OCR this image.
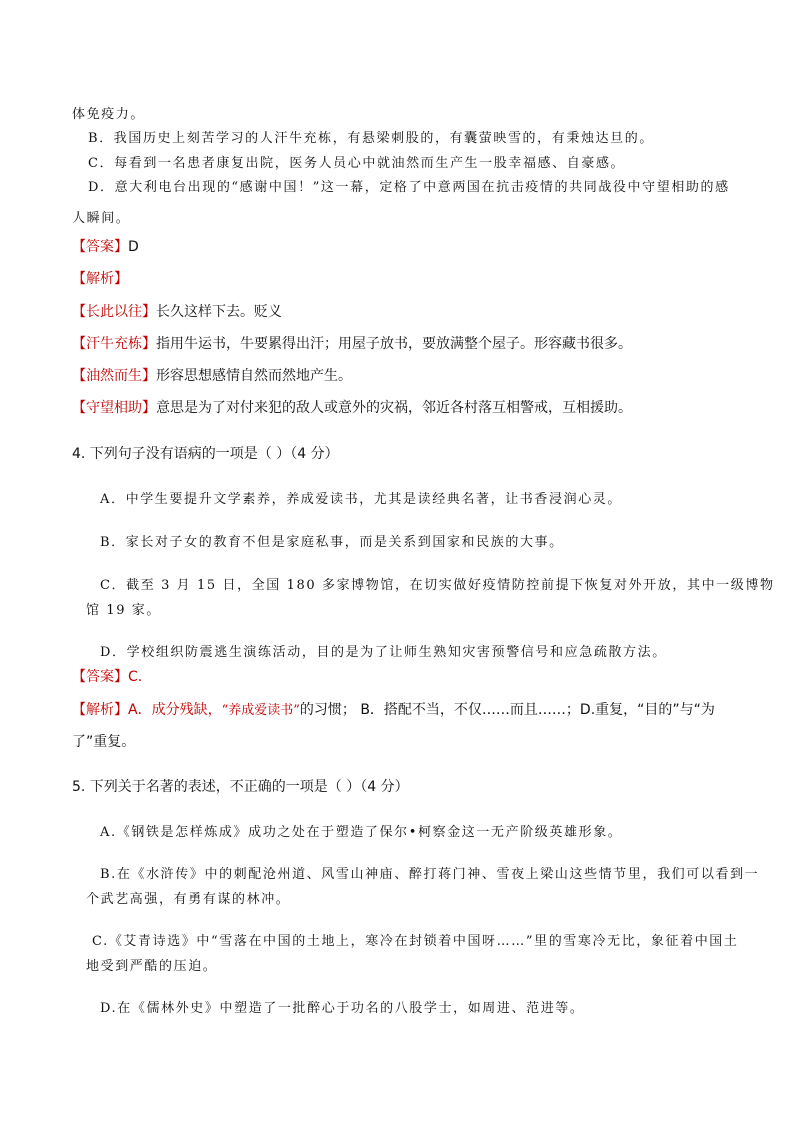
体免疫力。
B．我国历史上刻苦学习的人汗牛充栋，有悬梁刺股的，有囊萤映雪的，有秉烛达旦的。
C．每看到一名患者康复出院，医务人员心中就油然而生产生一股幸福感、自豪感。
D．意大利电台出现的“感谢中国！”这一幕，定格了中意两国在抗击疫情的共同战役中守望相助的感
人瞬间。
【答案】D
【解析】
【长此以往】长久这样下去。贬义
【汗牛充栋】指用牛运书，牛要累得出汗；用屋子放书，要放满整个屋子。形容藏书很多。
【油然而生】形容思想感情自然而然地产生。
【守望相助】意思是为了对付来犯的敌人或意外的灾祸，邻近各村落互相警戒，互相援助。
4. 下列句子没有语病的一项是（ ）（4 分）
A．中学生要提升文学素养，养成爱读书，尤其是读经典名著，让书香浸润心灵。
B．家长对子女的教育不但是家庭私事，而是关系到国家和民族的大事。
C．截至 3 月 15 日，全国 180 多家博物馆，在切实做好疫情防控前提下恢复对外开放，其中一级博物
馆 19 家。
D．学校组织防震逃生演练活动，目的是为了让师生熟知灾害预警信号和应急疏散方法。
【答案】C.
【解析】A．成分残缺，“养成爱读书”的习惯； B．搭配不当，不仅……而且……；D.重复，“目的”与“为
了”重复。
5. 下列关于名著的表述，不正确的一项是（ ）（4 分）
A.《钢铁是怎样炼成》成功之处在于塑造了保尔•柯察金这一无产阶级英雄形象。
B.在《水浒传》中的刺配沧州道、风雪山神庙、醉打蒋门神、雪夜上梁山这些情节里，我们可以看到一
个武艺高强，有勇有谋的林冲。
C.《艾青诗选》中“雪落在中国的土地上，寒冷在封锁着中国呀……”里的雪寒冷无比，象征着中国土
地受到严酷的压迫。
D.在《儒林外史》中塑造了一批醉心于功名的八股学士，如周进、范进等。
